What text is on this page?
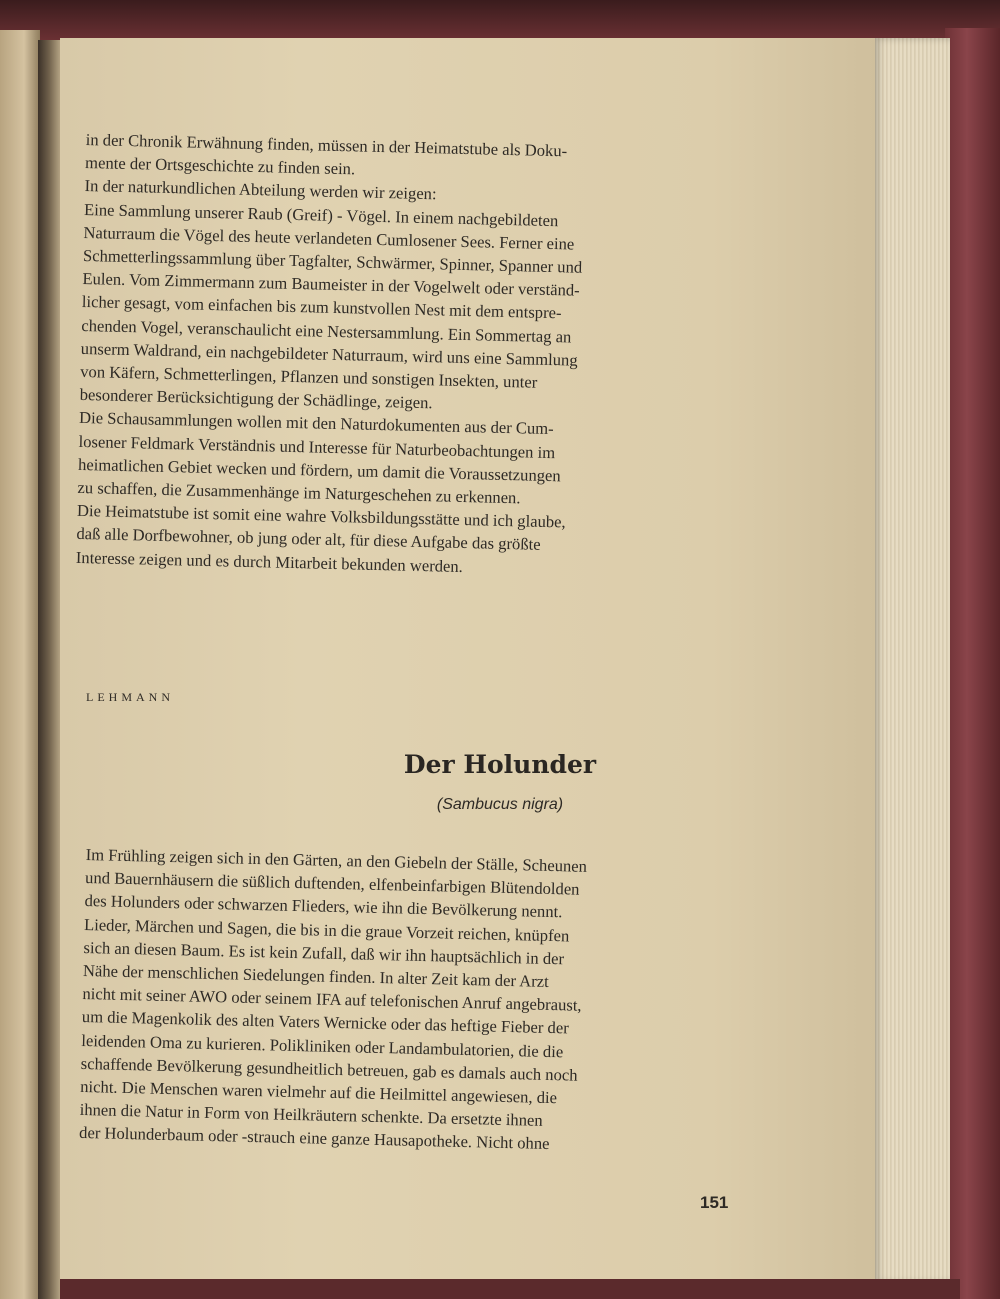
in der Chronik Erwähnung finden, müssen in der Heimatstube als Doku-

mente der Ortsgeschichte zu finden sein.

In der naturkundlichen Abteilung werden wir zeigen:

Eine Sammlung unserer Raub (Greif) - Vögel. In einem nachgebildeten

Naturraum die Vögel des heute verlandeten Cumlosener Sees. Ferner eine

Schmetterlingssammlung über Tagfalter, Schwärmer, Spinner, Spanner und

Eulen. Vom Zimmermann zum Baumeister in der Vogelwelt oder verständ-

licher gesagt, vom einfachen bis zum kunstvollen Nest mit dem entspre-

chenden Vogel, veranschaulicht eine Nestersammlung. Ein Sommertag an

unserm Waldrand, ein nachgebildeter Naturraum, wird uns eine Sammlung

von Käfern, Schmetterlingen, Pflanzen und sonstigen Insekten, unter

besonderer Berücksichtigung der Schädlinge, zeigen.

Die Schausammlungen wollen mit den Naturdokumenten aus der Cum-

losener Feldmark Verständnis und Interesse für Naturbeobachtungen im

heimatlichen Gebiet wecken und fördern, um damit die Voraussetzungen

zu schaffen, die Zusammenhänge im Naturgeschehen zu erkennen.

Die Heimatstube ist somit eine wahre Volksbildungsstätte und ich glaube,

daß alle Dorfbewohner, ob jung oder alt, für diese Aufgabe das größte

Interesse zeigen und es durch Mitarbeit bekunden werden.

LEHMANN
Der Holunder
(Sambucus nigra)

Im Frühling zeigen sich in den Gärten, an den Giebeln der Ställe, Scheunen

und Bauernhäusern die süßlich duftenden, elfenbeinfarbigen Blütendolden

des Holunders oder schwarzen Flieders, wie ihn die Bevölkerung nennt.

Lieder, Märchen und Sagen, die bis in die graue Vorzeit reichen, knüpfen

sich an diesen Baum. Es ist kein Zufall, daß wir ihn hauptsächlich in der

Nähe der menschlichen Siedelungen finden. In alter Zeit kam der Arzt

nicht mit seiner AWO oder seinem IFA auf telefonischen Anruf angebraust,

um die Magenkolik des alten Vaters Wernicke oder das heftige Fieber der

leidenden Oma zu kurieren. Polikliniken oder Landambulatorien, die die

schaffende Bevölkerung gesundheitlich betreuen, gab es damals auch noch

nicht. Die Menschen waren vielmehr auf die Heilmittel angewiesen, die

ihnen die Natur in Form von Heilkräutern schenkte. Da ersetzte ihnen

der Holunderbaum oder -strauch eine ganze Hausapotheke. Nicht ohne

151
